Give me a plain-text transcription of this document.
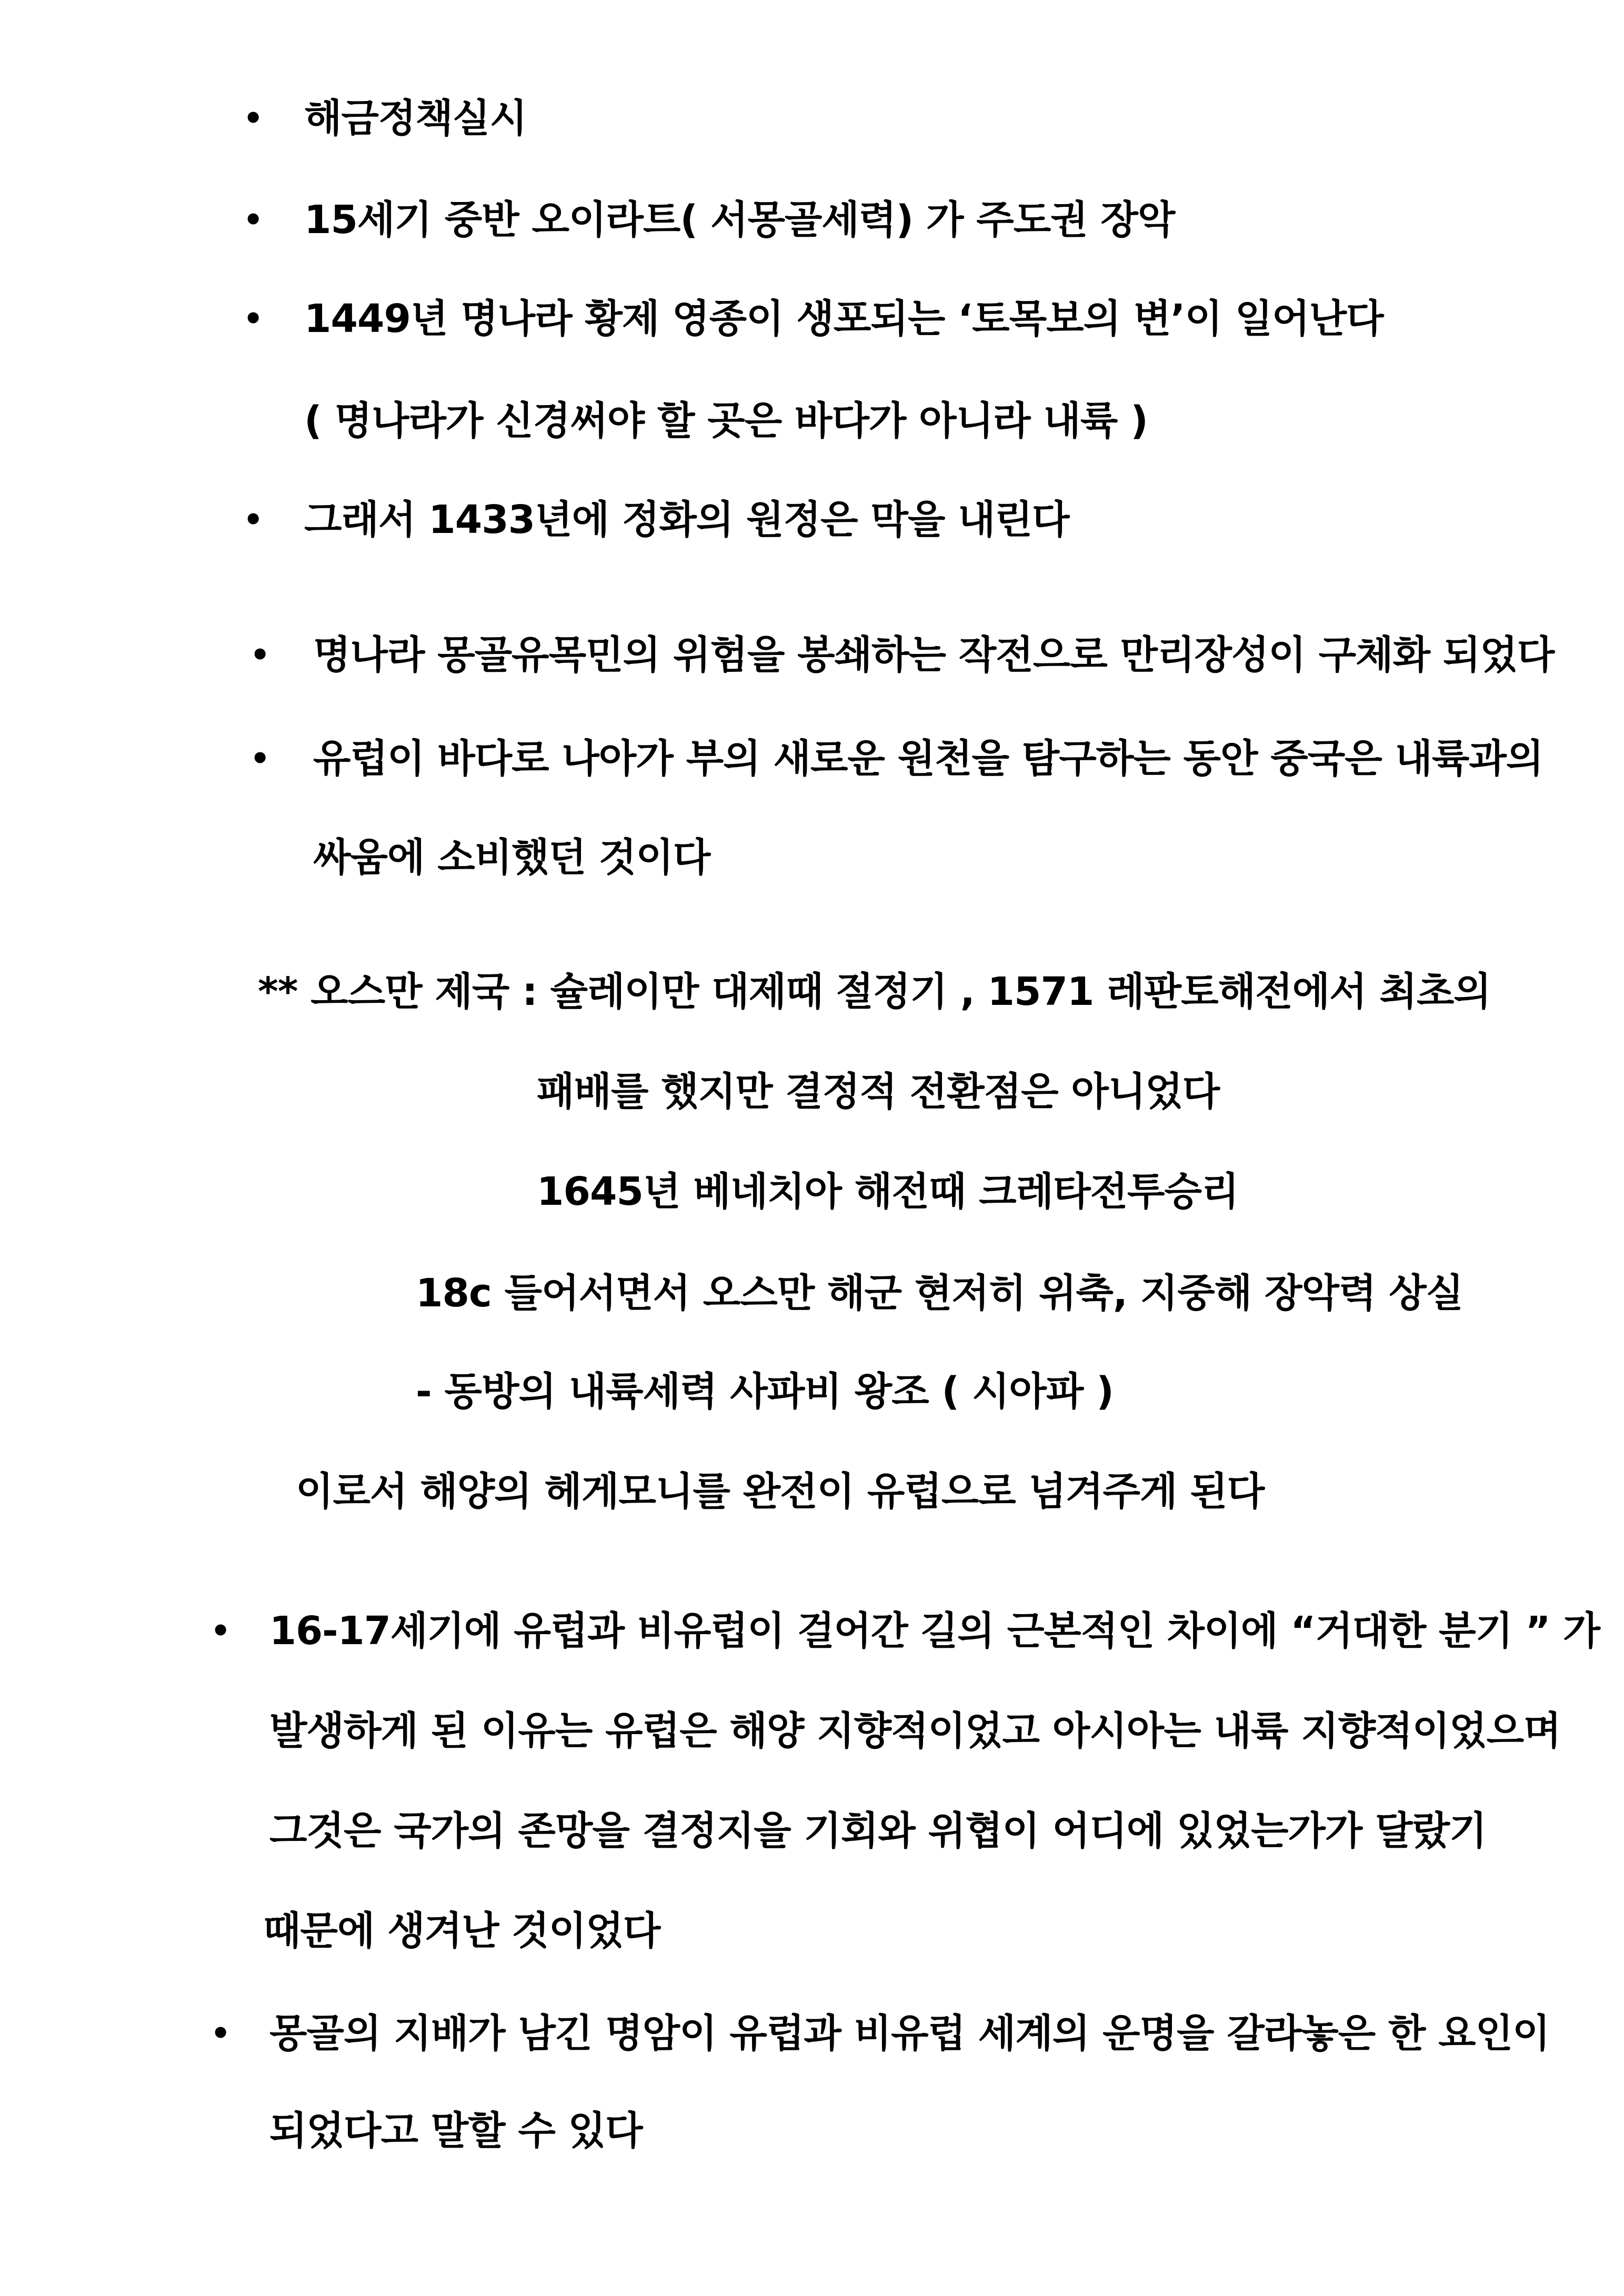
• 해금정책실시
• 15세기 중반 오이라트( 서몽골세력) 가 주도권 장악
• 1449년 명나라 황제 영종이 생포되는 ‘토목보의 변’이 일어난다
( 명나라가 신경써야 할 곳은 바다가 아니라 내륙 )
• 그래서 1433년에 정화의 원정은 막을 내린다
• 명나라 몽골유목민의 위험을 봉쇄하는 작전으로 만리장성이 구체화 되었다
• 유럽이 바다로 나아가 부의 새로운 원천을 탐구하는 동안 중국은 내륙과의
싸움에 소비했던 것이다
** 오스만 제국 : 슐레이만 대제때 절정기 , 1571 레판토해전에서 최초의
패배를 했지만 결정적 전환점은 아니었다
1645년 베네치아 해전때 크레타전투승리
18c 들어서면서 오스만 해군 현저히 위축, 지중해 장악력 상실
- 동방의 내륙세력 사파비 왕조 ( 시아파 )
이로서 해양의 헤게모니를 완전이 유럽으로 넘겨주게 된다
• 16-17세기에 유럽과 비유럽이 걸어간 길의 근본적인 차이에 “거대한 분기 ” 가
발생하게 된 이유는 유럽은 해양 지향적이었고 아시아는 내륙 지향적이었으며
그것은 국가의 존망을 결정지을 기회와 위협이 어디에 있었는가가 달랐기
때문에 생겨난 것이었다
• 몽골의 지배가 남긴 명암이 유럽과 비유럽 세계의 운명을 갈라놓은 한 요인이
되었다고 말할 수 있다
